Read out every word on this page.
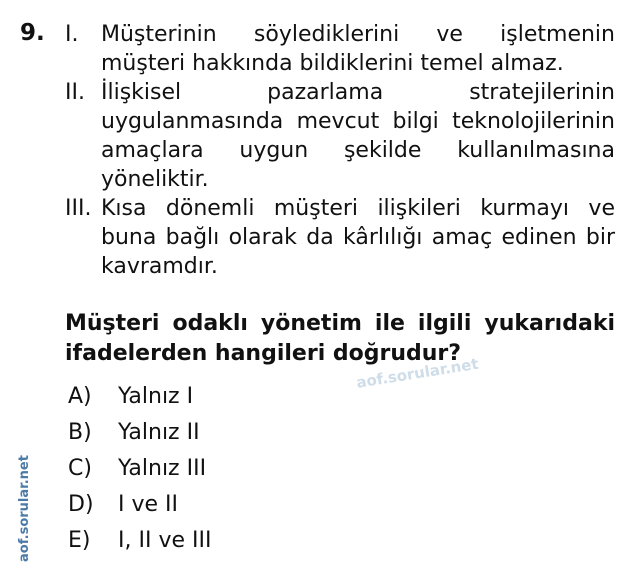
9. I. Müşterinin söylediklerini ve işletmenin müşteri hakkında bildiklerini temel almaz.
II. İlişkisel pazarlama stratejilerinin uygulanmasında mevcut bilgi teknolojilerinin amaçlara uygun şekilde kullanılmasına yöneliktir.
III. Kısa dönemli müşteri ilişkileri kurmayı ve buna bağlı olarak da kârlılığı amaç edinen bir kavramdır.
Müşteri odaklı yönetim ile ilgili yukarıdaki ifadelerden hangileri doğrudur?
aof.sorular.net
A)	Yalnız I
B)	Yalnız II
C)	Yalnız III
D)	I ve II
E)	I, II ve III
aof.sorular.net
